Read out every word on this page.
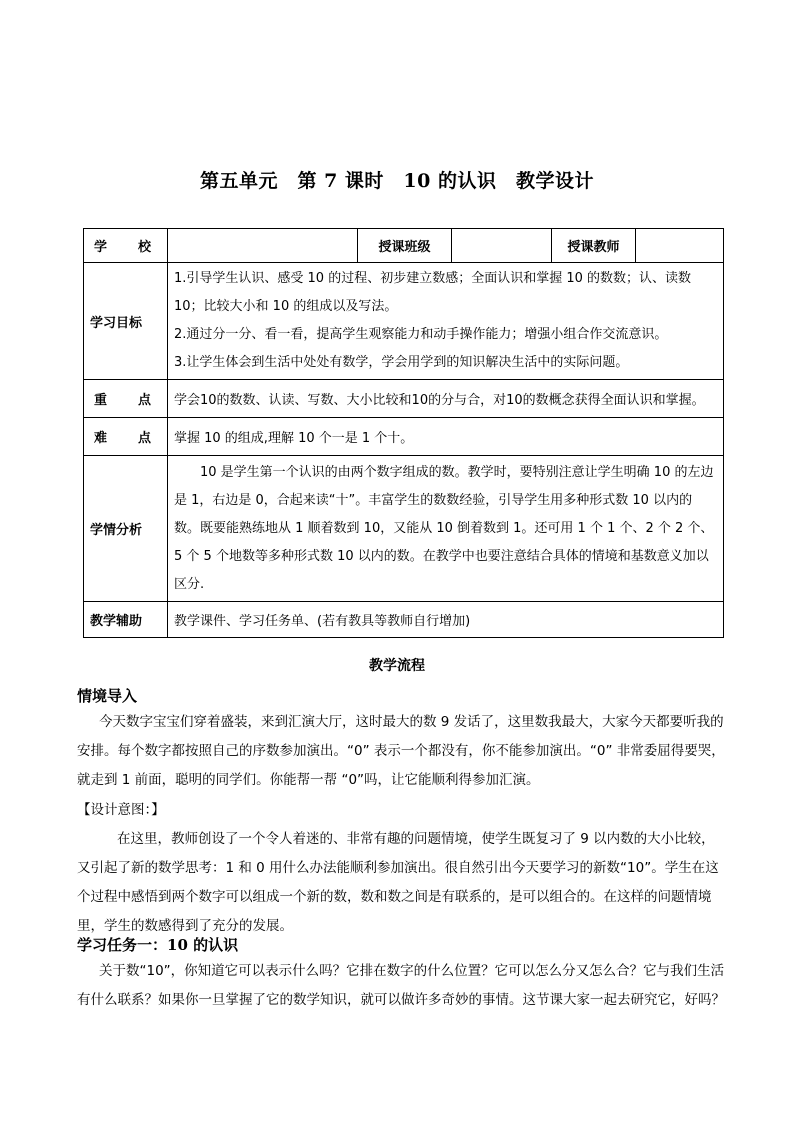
第五单元　第 7 课时　10 的认识　教学设计
学 校		授课班级		授课教师	
学习目标	1.引导学生认识、感受 10 的过程、初步建立数感；全面认识和掌握 10 的数数；认、读数 10；比较大小和 10 的组成以及写法。
2.通过分一分、看一看，提高学生观察能力和动手操作能力；增强小组合作交流意识。
3.让学生体会到生活中处处有数学，学会用学到的知识解决生活中的实际问题。				

重 点	学会10的数数、认读、写数、大小比较和10的分与合，对10的数概念获得全面认识和掌握。				

难 点	掌握 10 的组成,理解 10 个一是 1 个十。				
学情分析	10 是学生第一个认识的由两个数字组成的数。教学时，要特别注意让学生明确 10 的左边是 1，右边是 0，合起来读“十”。丰富学生的数数经验，引导学生用多种形式数 10 以内的数。既要能熟练地从 1 顺着数到 10，又能从 10 倒着数到 1。还可用 1 个 1 个、2 个 2 个、5 个 5 个地数等多种形式数 10 以内的数。在教学中也要注意结合具体的情境和基数意义加以区分.				
教学辅助	教学课件、学习任务单、(若有教具等教师自行增加)				
教学流程
情境导入
今天数字宝宝们穿着盛装，来到汇演大厅，这时最大的数 9 发话了，这里数我最大，大家今天都要听我的安排。每个数字都按照自己的序数参加演出。“0” 表示一个都没有，你不能参加演出。“0” 非常委屈得要哭，就走到 1 前面，聪明的同学们。你能帮一帮 “0”吗，让它能顺利得参加汇演。
【设计意图：】
在这里，教师创设了一个令人着迷的、非常有趣的问题情境，使学生既复习了 9 以内数的大小比较，又引起了新的数学思考：1 和 0 用什么办法能顺利参加演出。很自然引出今天要学习的新数“10”。学生在这个过程中感悟到两个数字可以组成一个新的数，数和数之间是有联系的，是可以组合的。在这样的问题情境里，学生的数感得到了充分的发展。
学习任务一：10 的认识
关于数“10”，你知道它可以表示什么吗？它排在数字的什么位置？它可以怎么分又怎么合？它与我们生活有什么联系？如果你一旦掌握了它的数学知识，就可以做许多奇妙的事情。这节课大家一起去研究它，好吗？
